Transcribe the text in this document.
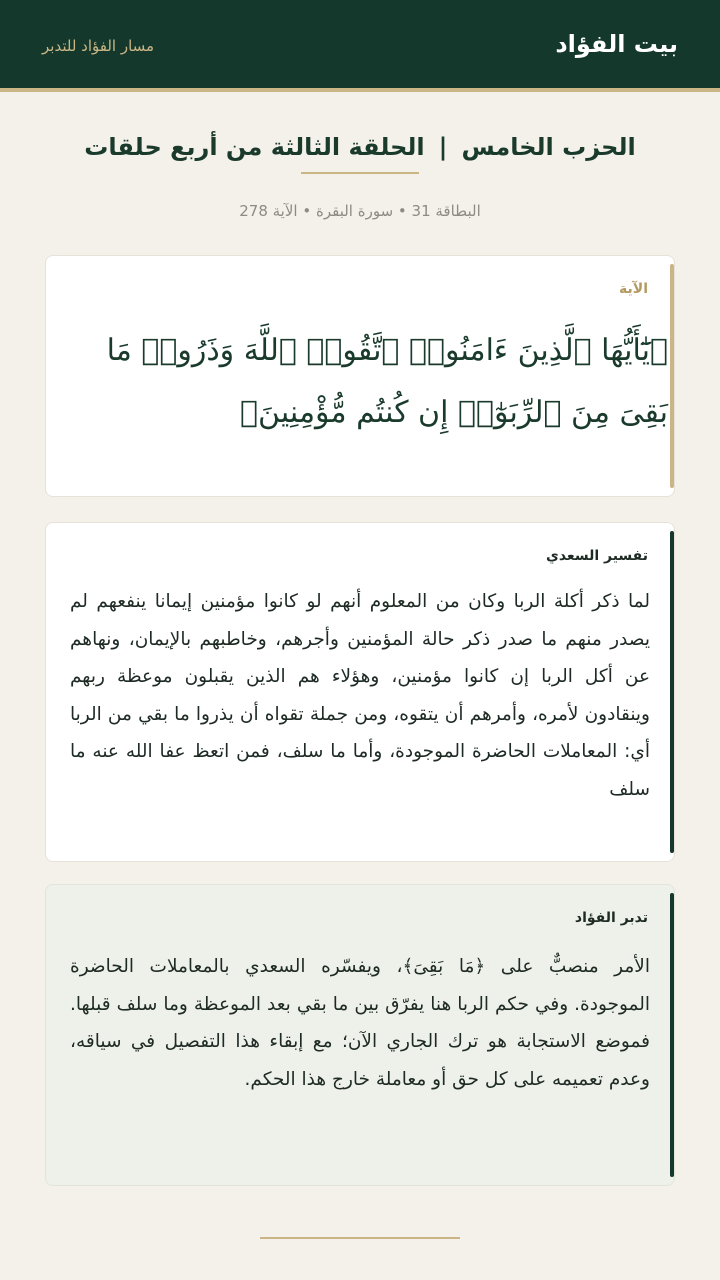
بيت الفؤاد
مسار الفؤاد للتدبر
الحزب الخامس|الحلقة الثالثة من أربع حلقات
البطاقة 31 • سورة البقرة • الآية 278
الآية
﴿يَٰٓأَيُّهَا ٱلَّذِينَ ءَامَنُوا۟ ٱتَّقُوا۟ ٱللَّهَ وَذَرُوا۟ مَا بَقِىَ مِنَ ٱلرِّبَوٰٓا۟ إِن كُنتُم مُّؤْمِنِينَ﴾
تفسير السعدي
لما ذكر أكلة الربا وكان من المعلوم أنهم لو كانوا مؤمنين إيمانا ينفعهم لم يصدر منهم ما صدر ذكر حالة المؤمنين وأجرهم، وخاطبهم بالإيمان، ونهاهم عن أكل الربا إن كانوا مؤمنين، وهؤلاء هم الذين يقبلون موعظة ربهم وينقادون لأمره، وأمرهم أن يتقوه، ومن جملة تقواه أن يذروا ما بقي من الربا أي: المعاملات الحاضرة الموجودة، وأما ما سلف، فمن اتعظ عفا الله عنه ما سلف
تدبر الفؤاد
الأمر منصبٌّ على ﴿مَا بَقِىَ﴾، ويفسّره السعدي بالمعاملات الحاضرة الموجودة. وفي حكم الربا هنا يفرّق بين ما بقي بعد الموعظة وما سلف قبلها. فموضع الاستجابة هو ترك الجاري الآن؛ مع إبقاء هذا التفصيل في سياقه، وعدم تعميمه على كل حق أو معاملة خارج هذا الحكم.
